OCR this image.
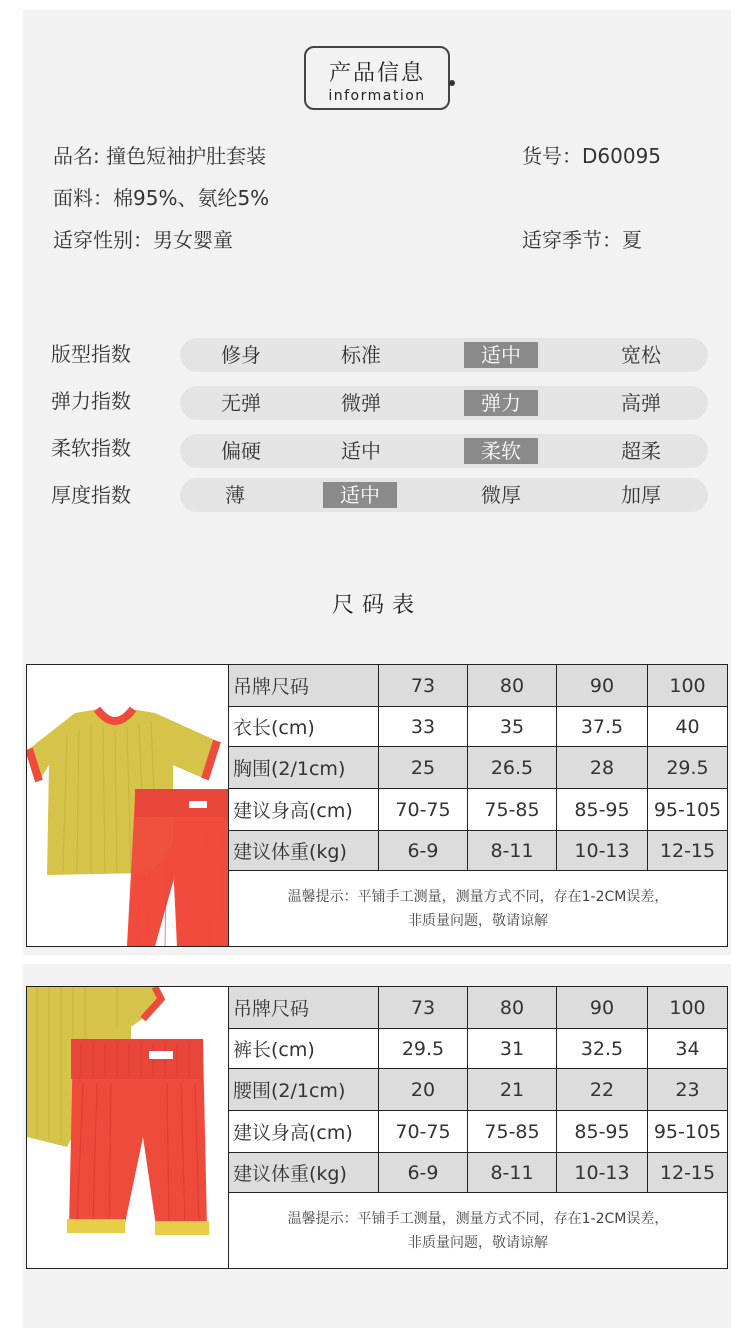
产品信息
information
品名: 撞色短袖护肚套装	货号：D60095
面料：棉95%、氨纶5%
适穿性别：男女婴童	适穿季节：夏
版型指数	修身	标准	适中	宽松
弹力指数	无弹	微弹	弹力	高弹
柔软指数	偏硬	适中	柔软	超柔
厚度指数	薄	适中	微厚	加厚
尺码表
吊牌尺码	73	80	90	100
衣长(cm)	33	35	37.5	40
胸围(2/1cm)	25	26.5	28	29.5
建议身高(cm)	70-75	75-85	85-95	95-105
建议体重(kg)	6-9	8-11	10-13	12-15
温馨提示：平铺手工测量，测量方式不同，存在1-2CM误差，
非质量问题，敬请谅解
吊牌尺码	73	80	90	100
裤长(cm)	29.5	31	32.5	34
腰围(2/1cm)	20	21	22	23
建议身高(cm)	70-75	75-85	85-95	95-105
建议体重(kg)	6-9	8-11	10-13	12-15
温馨提示：平铺手工测量，测量方式不同，存在1-2CM误差，
非质量问题，敬请谅解
